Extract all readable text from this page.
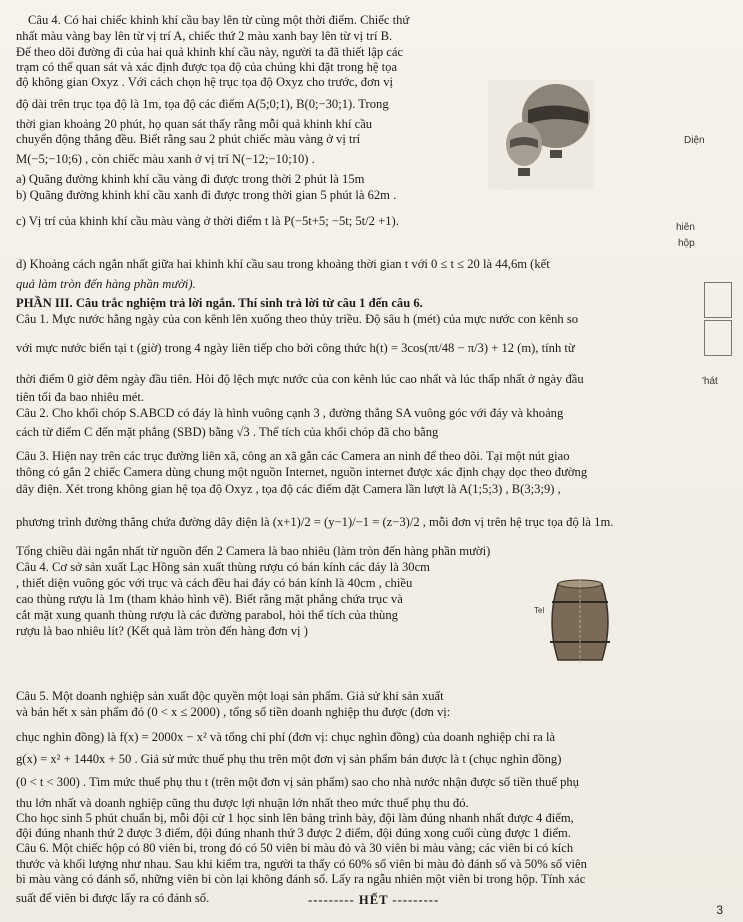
Câu 4. Có hai chiếc khinh khí cầu bay lên từ cùng một thời điểm. Chiếc thứ
nhất màu vàng bay lên từ vị trí A, chiếc thứ 2 màu xanh bay lên từ vị trí B.
Để theo dõi đường đi của hai quả khinh khí cầu này, người ta đã thiết lập các
trạm có thể quan sát và xác định được tọa độ của chúng khi đặt trong hệ tọa
độ không gian Oxyz . Với cách chọn hệ trục tọa độ Oxyz cho trước, đơn vị
độ dài trên trục tọa độ là 1m, tọa độ các điểm A(5;0;1), B(0;−30;1). Trong
thời gian khoảng 20 phút, họ quan sát thấy rằng mỗi quả khinh khí cầu
chuyển động thẳng đều. Biết rằng sau 2 phút chiếc màu vàng ở vị trí
M(−5;−10;6) , còn chiếc màu xanh ở vị trí N(−12;−10;10) .
a) Quãng đường khinh khí cầu vàng đi được trong thời 2 phút là 15m
b) Quãng đường khinh khí cầu xanh đi được trong thời gian 5 phút là 62m .
c) Vị trí của khinh khí cầu màu vàng ở thời điểm t là P(−5t+5; −5t; 5t/2 +1).
d) Khoảng cách ngắn nhất giữa hai khinh khí cầu sau trong khoảng thời gian t với 0 ≤ t ≤ 20 là 44,6m (kết
quả làm tròn đến hàng phần mười).
Diện
hiên
hộp
'hát
PHẦN III. Câu trắc nghiệm trả lời ngắn. Thí sinh trả lời từ câu 1 đến câu 6.
Câu 1. Mực nước hằng ngày của con kênh lên xuống theo thủy triều. Độ sâu h (mét) của mực nước con kênh so
với mực nước biển tại t (giờ) trong 4 ngày liên tiếp cho bởi công thức h(t) = 3cos(πt/48 − π/3) + 12 (m), tính từ
thời điểm 0 giờ đêm ngày đầu tiên. Hỏi độ lệch mực nước của con kênh lúc cao nhất và lúc thấp nhất ở ngày đầu
tiên tối đa bao nhiêu mét.
Câu 2. Cho khối chóp S.ABCD có đáy là hình vuông cạnh 3 , đường thẳng SA vuông góc với đáy và khoảng
cách từ điểm C đến mặt phẳng (SBD) bằng √3 . Thể tích của khối chóp đã cho bằng
Câu 3. Hiện nay trên các trục đường liên xã, công an xã gắn các Camera an ninh để theo dõi. Tại một nút giao
thông có gắn 2 chiếc Camera dùng chung một nguồn Internet, nguồn internet được xác định chạy dọc theo đường
dây điện. Xét trong không gian hệ tọa độ Oxyz , tọa độ các điểm đặt Camera lần lượt là A(1;5;3) , B(3;3;9) ,
phương trình đường thẳng chứa đường dây điện là (x+1)/2 = (y−1)/−1 = (z−3)/2 , mỗi đơn vị trên hệ trục tọa độ là 1m.
Tổng chiều dài ngắn nhất từ nguồn đến 2 Camera là bao nhiêu (làm tròn đến hàng phần mười)
Câu 4. Cơ sở sản xuất Lạc Hồng sản xuất thùng rượu có bán kính các đáy là 30cm
, thiết diện vuông góc với trục và cách đều hai đáy có bán kính là 40cm , chiều
cao thùng rượu là 1m (tham khảo hình vẽ). Biết rằng mặt phẳng chứa trục và
cắt mặt xung quanh thùng rượu là các đường parabol, hỏi thể tích của thùng
rượu là bao nhiêu lít? (Kết quả làm tròn đến hàng đơn vị )
Tel
Câu 5. Một doanh nghiệp sản xuất độc quyền một loại sản phẩm. Giả sử khi sản xuất
và bán hết x sản phẩm đó (0 < x ≤ 2000) , tổng số tiền doanh nghiệp thu được (đơn vị:
chục nghìn đồng) là f(x) = 2000x − x² và tổng chi phí (đơn vị: chục nghìn đồng) của doanh nghiệp chi ra là
g(x) = x² + 1440x + 50 . Giả sử mức thuế phụ thu trên một đơn vị sản phẩm bán được là t (chục nghìn đồng)
(0 < t < 300) . Tìm mức thuế phụ thu t (trên một đơn vị sản phẩm) sao cho nhà nước nhận được số tiền thuế phụ
thu lớn nhất và doanh nghiệp cũng thu được lợi nhuận lớn nhất theo mức thuế phụ thu đó.
Cho học sinh 5 phút chuẩn bị, mỗi đội cử 1 học sinh lên bảng trình bày, đội làm đúng nhanh nhất được 4 điểm,
đội đúng nhanh thứ 2 được 3 điểm, đội đúng nhanh thứ 3 được 2 điểm, đội đúng xong cuối cùng được 1 điểm.
Câu 6. Một chiếc hộp có 80 viên bi, trong đó có 50 viên bi màu đỏ và 30 viên bi màu vàng; các viên bi có kích
thước và khối lượng như nhau. Sau khi kiểm tra, người ta thấy có 60% số viên bi màu đỏ đánh số và 50% số viên
bi màu vàng có đánh số, những viên bi còn lại không đánh số. Lấy ra ngẫu nhiên một viên bi trong hộp. Tính xác
suất để viên bi được lấy ra có đánh số.	--------- HẾT ---------
3
